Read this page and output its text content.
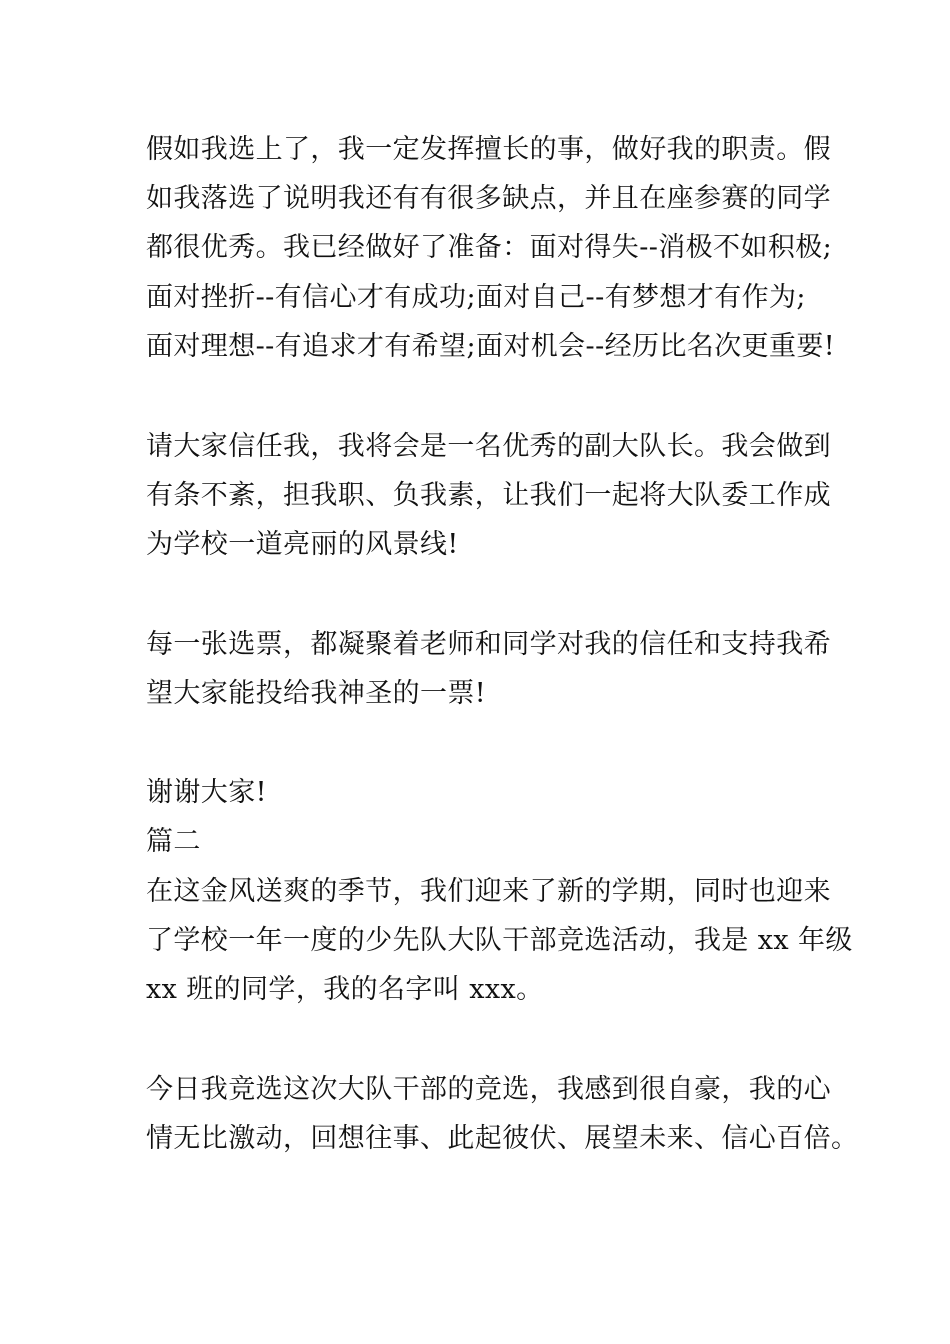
假如我选上了，我一定发挥擅长的事，做好我的职责。假
如我落选了说明我还有有很多缺点，并且在座参赛的同学
都很优秀。我已经做好了准备：面对得失--消极不如积极;
面对挫折--有信心才有成功;面对自己--有梦想才有作为;
面对理想--有追求才有希望;面对机会--经历比名次更重要!
请大家信任我，我将会是一名优秀的副大队长。我会做到
有条不紊，担我职、负我素，让我们一起将大队委工作成
为学校一道亮丽的风景线!
每一张选票，都凝聚着老师和同学对我的信任和支持我希
望大家能投给我神圣的一票!
谢谢大家!
篇二
在这金风送爽的季节，我们迎来了新的学期，同时也迎来
了学校一年一度的少先队大队干部竞选活动，我是 xx 年级
xx 班的同学，我的名字叫 xxx。
今日我竞选这次大队干部的竞选，我感到很自豪，我的心
情无比激动，回想往事、此起彼伏、展望未来、信心百倍。
